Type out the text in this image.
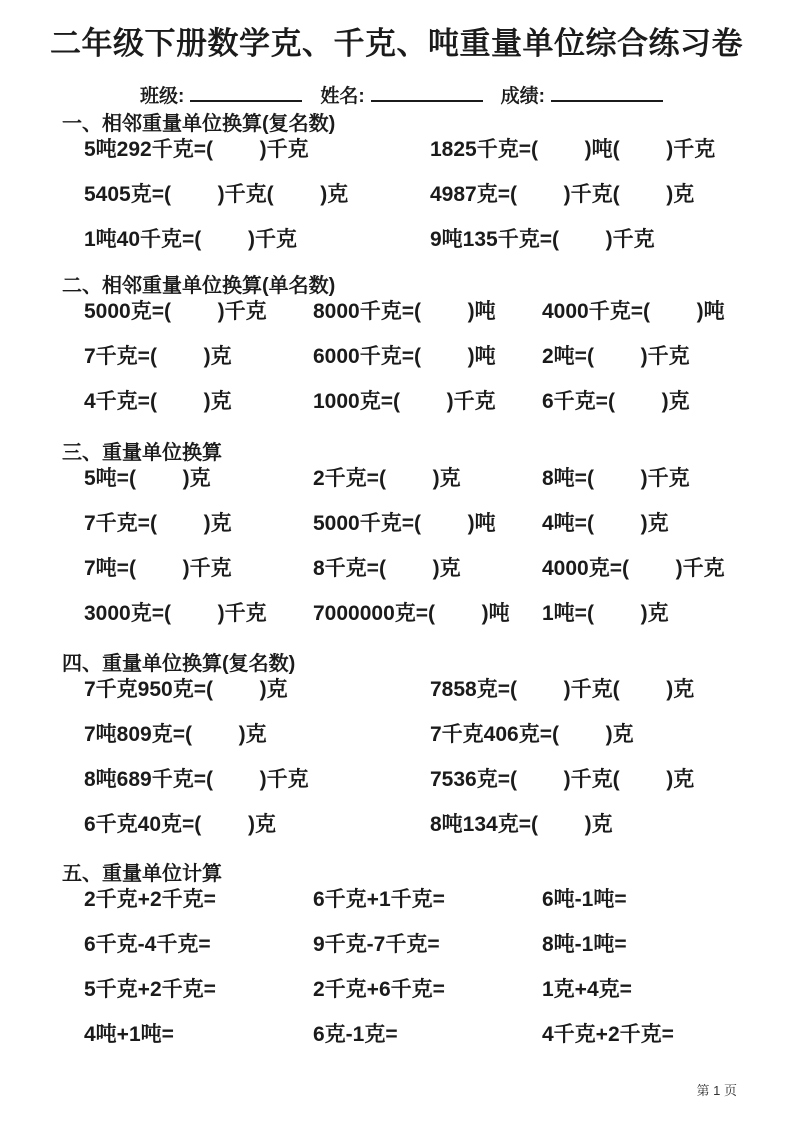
二年级下册数学克、千克、吨重量单位综合练习卷
班级:	姓名:	成绩:
一、相邻重量单位换算(复名数)
5吨292千克=(        )千克	1825千克=(        )吨(        )千克
5405克=(        )千克(        )克	4987克=(        )千克(        )克
1吨40千克=(        )千克	9吨135千克=(        )千克
二、相邻重量单位换算(单名数)
5000克=(        )千克	8000千克=(        )吨	4000千克=(        )吨
7千克=(        )克	6000千克=(        )吨	2吨=(        )千克
4千克=(        )克	1000克=(        )千克	6千克=(        )克
三、重量单位换算
5吨=(        )克	2千克=(        )克	8吨=(        )千克
7千克=(        )克	5000千克=(        )吨	4吨=(        )克
7吨=(        )千克	8千克=(        )克	4000克=(        )千克
3000克=(        )千克	7000000克=(        )吨	1吨=(        )克
四、重量单位换算(复名数)
7千克950克=(        )克	7858克=(        )千克(        )克
7吨809克=(        )克	7千克406克=(        )克
8吨689千克=(        )千克	7536克=(        )千克(        )克
6千克40克=(        )克	8吨134克=(        )克
五、重量单位计算
2千克+2千克=	6千克+1千克=	6吨-1吨=
6千克-4千克=	9千克-7千克=	8吨-1吨=
5千克+2千克=	2千克+6千克=	1克+4克=
4吨+1吨=	6克-1克=	4千克+2千克=
第 1 页
